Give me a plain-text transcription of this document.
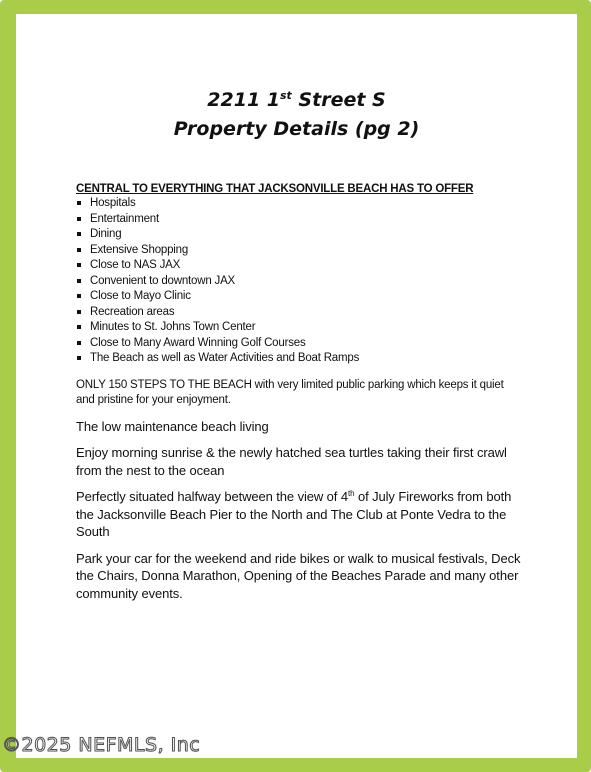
2211 1st Street S
Property Details (pg 2)

CENTRAL TO EVERYTHING THAT JACKSONVILLE BEACH HAS TO OFFER

Hospitals
Entertainment
Dining
Extensive Shopping
Close to NAS JAX
Convenient to downtown JAX
Close to Mayo Clinic
Recreation areas
Minutes to St. Johns Town Center
Close to Many Award Winning Golf Courses
The Beach as well as Water Activities and Boat Ramps

ONLY 150 STEPS TO THE BEACH with very limited public parking which keeps it quiet and pristine for your enjoyment.

The low maintenance beach living

Enjoy morning sunrise & the newly hatched sea turtles taking their first crawl from the nest to the ocean

Perfectly situated halfway between the view of 4th of July Fireworks from both the Jacksonville Beach Pier to the North and The Club at Ponte Vedra to the South

Park your car for the weekend and ride bikes or walk to musical festivals, Deck the Chairs, Donna Marathon, Opening of the Beaches Parade and many other community events.

©2025 NEFMLS, Inc
